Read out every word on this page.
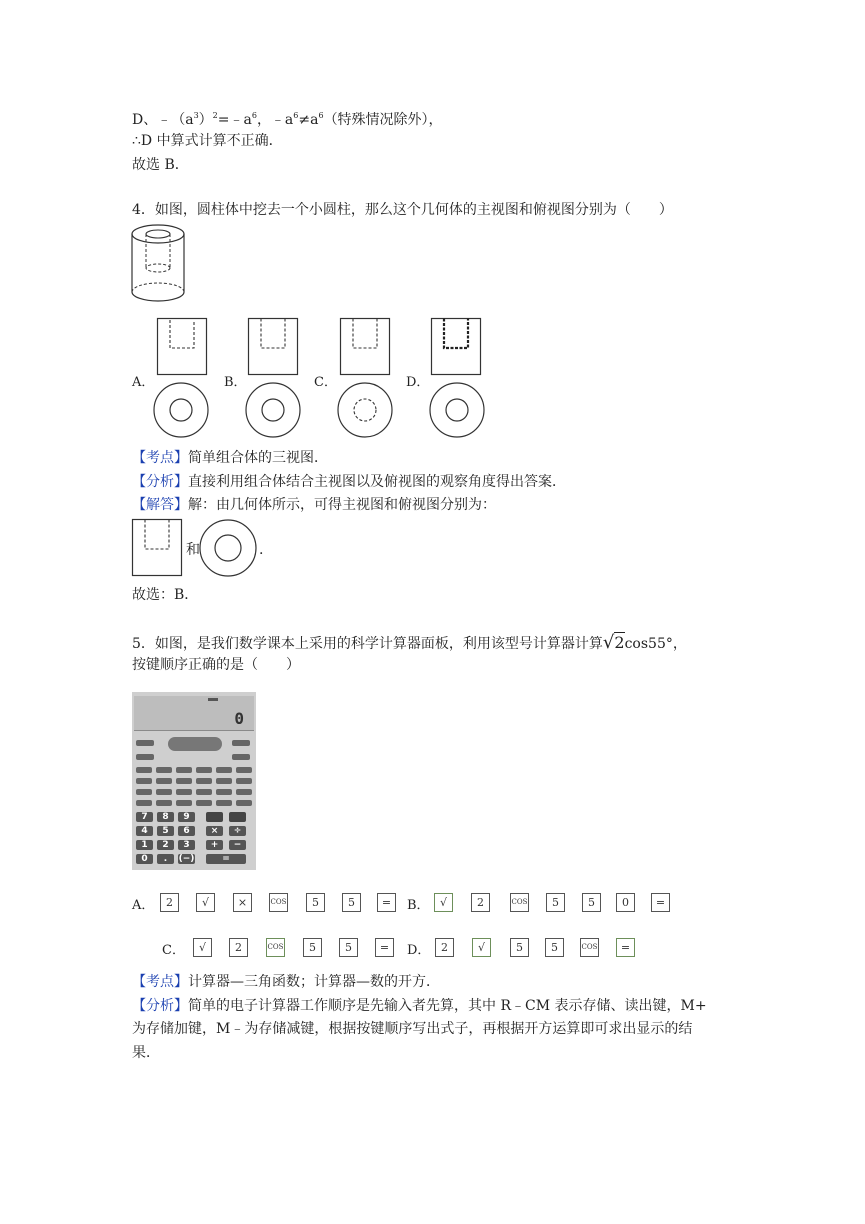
D、$﹣(a^3)^2=﹣a^6$，$﹣a^6\ne a^6$（特殊情况除外），
∴D 中算式计算不正确．
故选 B．
4．如图，圆柱体中挖去一个小圆柱，那么这个几何体的主视图和俯视图分别为（　　）
A．	B．	C．	D．
【考点】简单组合体的三视图．
【分析】直接利用组合体结合主视图以及俯视图的观察角度得出答案．
【解答】解：由几何体所示，可得主视图和俯视图分别为：
和	.
故选：B．
5．如图，是我们数学课本上采用的科学计算器面板，利用该型号计算器计算√2cos55°，
按键顺序正确的是（　　）
0
7	8	9
4	5	6	×	÷
1	2	3	+	−
0	.	(−)	=
A．	2	√	×	COS	5	5	=	B． √	2	COS	5	5	0	=
C．	√	2	COS	5	5	=	D． 2	√	5	5	COS	=
【考点】计算器—三角函数；计算器—数的开方．
【分析】简单的电子计算器工作顺序是先输入者先算，其中 R﹣CM 表示存储、读出键，M+
为存储加键，M﹣为存储减键，根据按键顺序写出式子，再根据开方运算即可求出显示的结
果．
